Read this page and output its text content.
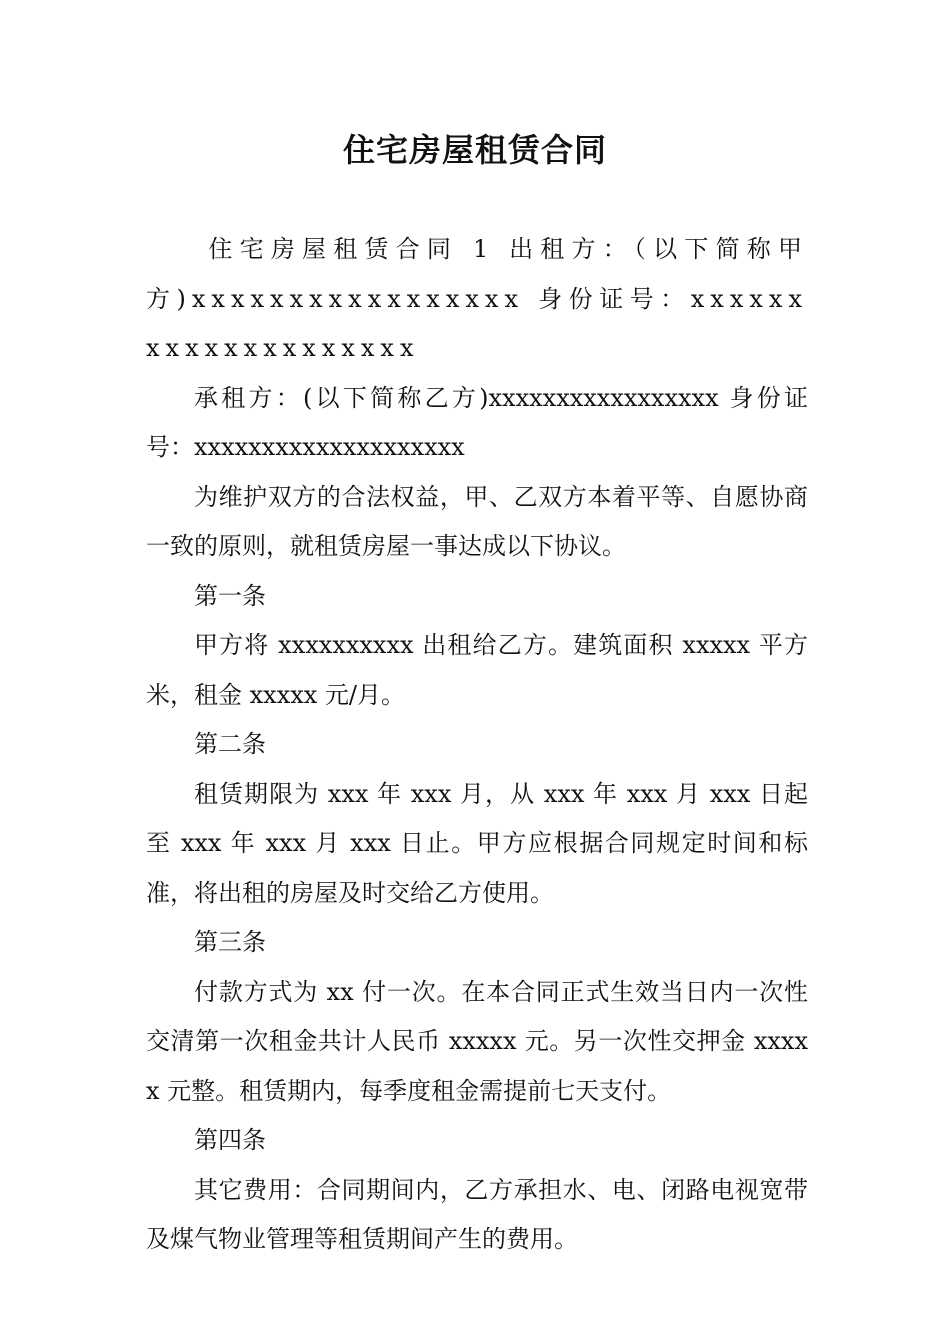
住宅房屋租赁合同

住宅房屋租赁合同 1 出租方：（以下简称甲方)xxxxxxxxxxxxxxxxx 身份证号：xxxxxxxxxxxxxxxxxxxx

承租方：(以下简称乙方)xxxxxxxxxxxxxxxxx 身份证号：xxxxxxxxxxxxxxxxxxxx

为维护双方的合法权益，甲、乙双方本着平等、自愿协商一致的原则，就租赁房屋一事达成以下协议。

第一条

甲方将 xxxxxxxxxx 出租给乙方。建筑面积 xxxxx 平方米，租金 xxxxx 元/月。

第二条

租赁期限为 xxx 年 xxx 月，从 xxx 年 xxx 月 xxx 日起至 xxx 年 xxx 月 xxx 日止。甲方应根据合同规定时间和标准，将出租的房屋及时交给乙方使用。

第三条

付款方式为 xx 付一次。在本合同正式生效当日内一次性交清第一次租金共计人民币 xxxxx 元。另一次性交押金 xxxxx 元整。租赁期内，每季度租金需提前七天支付。

第四条

其它费用：合同期间内，乙方承担水、电、闭路电视宽带及煤气物业管理等租赁期间产生的费用。
